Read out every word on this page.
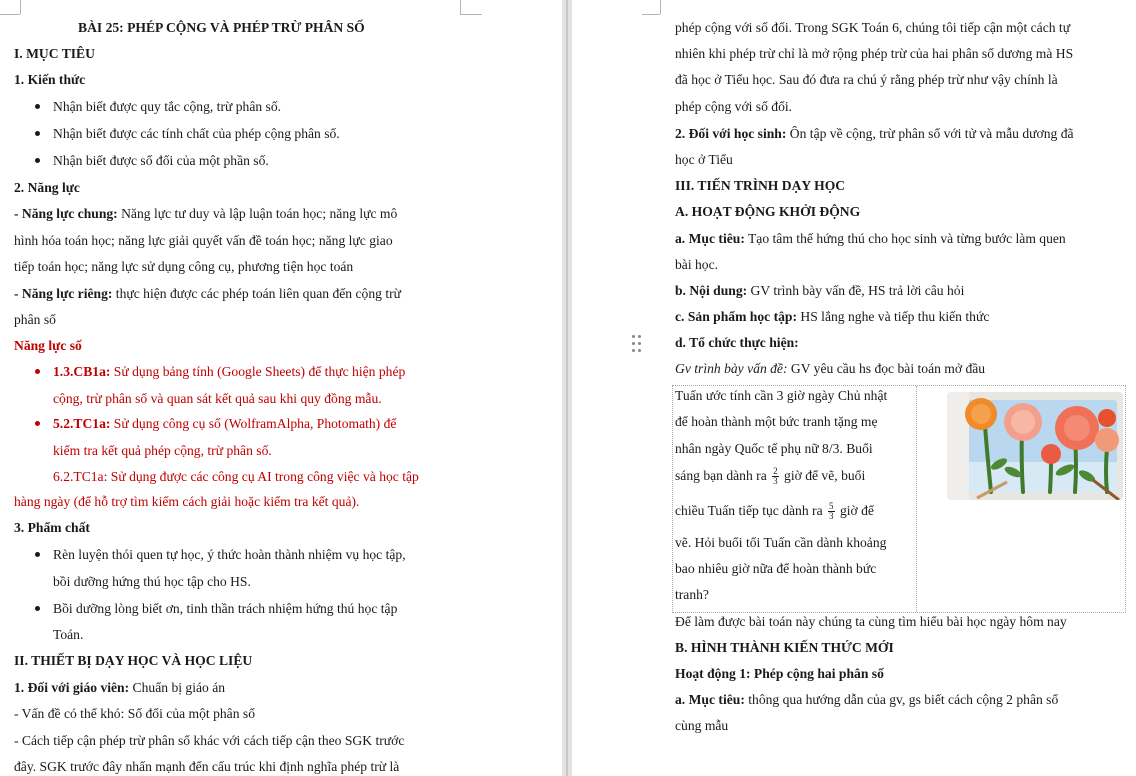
BÀI 25: PHÉP CỘNG VÀ PHÉP TRỪ PHÂN SỐ
I. MỤC TIÊU
1. Kiến thức
Nhận biết được quy tắc cộng, trừ phân số.
Nhận biết được các tính chất của phép cộng phân số.
Nhận biết được số đối của một phần số.
2. Năng lực
- Năng lực chung: Năng lực tư duy và lập luận toán học; năng lực mô
hình hóa toán học; năng lực giải quyết vấn đề toán học; năng lực giao
tiếp toán học; năng lực sử dụng công cụ, phương tiện học toán
- Năng lực riêng: thực hiện được các phép toán liên quan đến cộng trừ
phân số
Năng lực số
1.3.CB1a: Sử dụng bảng tính (Google Sheets) để thực hiện phép
cộng, trừ phân số và quan sát kết quả sau khi quy đồng mẫu.
5.2.TC1a: Sử dụng công cụ số (WolframAlpha, Photomath) để
kiểm tra kết quả phép cộng, trừ phân số.
6.2.TC1a: Sử dụng được các công cụ AI trong công việc và học tập
hàng ngày (để hỗ trợ tìm kiếm cách giải hoặc kiểm tra kết quả).
3. Phẩm chất
Rèn luyện thói quen tự học, ý thức hoàn thành nhiệm vụ học tập,
bồi dưỡng hứng thú học tập cho HS.
Bồi dưỡng lòng biết ơn, tinh thần trách nhiệm hứng thú học tập
Toán.
II. THIẾT BỊ DẠY HỌC VÀ HỌC LIỆU
1. Đối với giáo viên: Chuẩn bị giáo án
- Vấn đề có thể khó: Số đối của một phân số
- Cách tiếp cận phép trừ phân số khác với cách tiếp cận theo SGK trước
đây. SGK trước đây nhấn mạnh đến cấu trúc khi định nghĩa phép trừ là
phép cộng với số đối. Trong SGK Toán 6, chúng tôi tiếp cận một cách tự
nhiên khi phép trừ chỉ là mở rộng phép trừ của hai phân số dương mà HS
đã học ở Tiểu học. Sau đó đưa ra chú ý rằng phép trừ như vậy chính là
phép cộng với số đối.
2. Đối với học sinh: Ôn tập về cộng, trừ phân số với tử và mẫu dương đã
học ở Tiểu
III. TIẾN TRÌNH DẠY HỌC
A. HOẠT ĐỘNG KHỞI ĐỘNG
a. Mục tiêu: Tạo tâm thế hứng thú cho học sinh và từng bước làm quen
bài học.
b. Nội dung: GV trình bày vấn đề, HS trả lời câu hỏi
c. Sản phẩm học tập: HS lắng nghe và tiếp thu kiến thức
d. Tổ chức thực hiện:
Gv trình bày vấn đề: GV yêu cầu hs đọc bài toán mở đầu
Tuấn ước tính cần 3 giờ ngày Chủ nhật
để hoàn thành một bức tranh tặng mẹ
nhân ngày Quốc tế phụ nữ 8/3. Buổi
sáng bạn dành ra $\frac{2}{3}$ giờ để vẽ, buổi
chiều Tuấn tiếp tục dành ra $\frac{5}{3}$ giờ để
vẽ. Hỏi buổi tối Tuấn cần dành khoảng
bao nhiêu giờ nữa để hoàn thành bức
tranh?
Để làm được bài toán này chúng ta cùng tìm hiểu bài học ngày hôm nay
B. HÌNH THÀNH KIẾN THỨC MỚI
Hoạt động 1: Phép cộng hai phân số
a. Mục tiêu: thông qua hướng dẫn của gv, gs biết cách cộng 2 phân số
cùng mẫu
